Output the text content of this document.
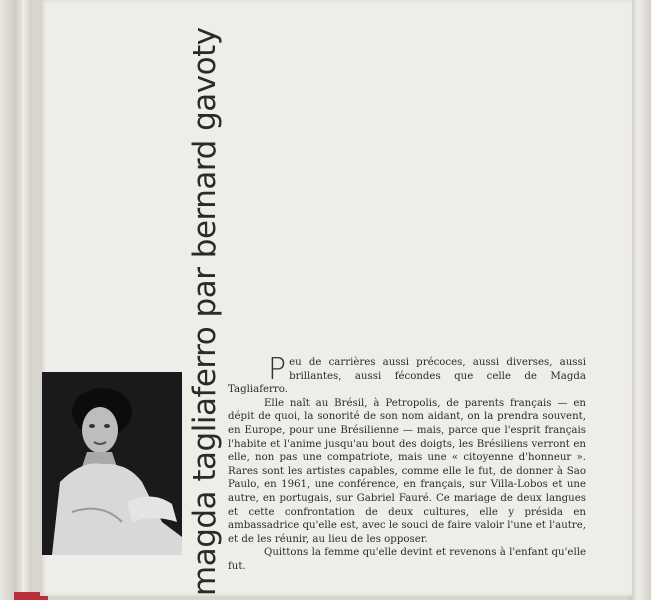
magda tagliaferro par bernard gavoty Peu de carrières aussi précoces, aussi diverses, aussi brillantes, aussi fécondes que celle de Magda Tagliaferro.

Elle naît au Brésil, à Petropolis, de parents français — en dépit de quoi, la sonorité de son nom aidant, on la prendra souvent, en Europe, pour une Brésilienne — mais, parce que l'esprit français l'habite et l'anime jusqu'au bout des doigts, les Brésiliens verront en elle, non pas une compatriote, mais une « citoyenne d'honneur ». Rares sont les artistes capables, comme elle le fut, de donner à Sao Paulo, en 1961, une conférence, en français, sur Villa-Lobos et une autre, en portugais, sur Gabriel Fauré. Ce mariage de deux langues et cette confrontation de deux cultures, elle y présida en ambassadrice qu'elle est, avec le souci de faire valoir l'une et l'autre, et de les réunir, au lieu de les opposer.

Quittons la femme qu'elle devint et revenons à l'enfant qu'elle fut.
